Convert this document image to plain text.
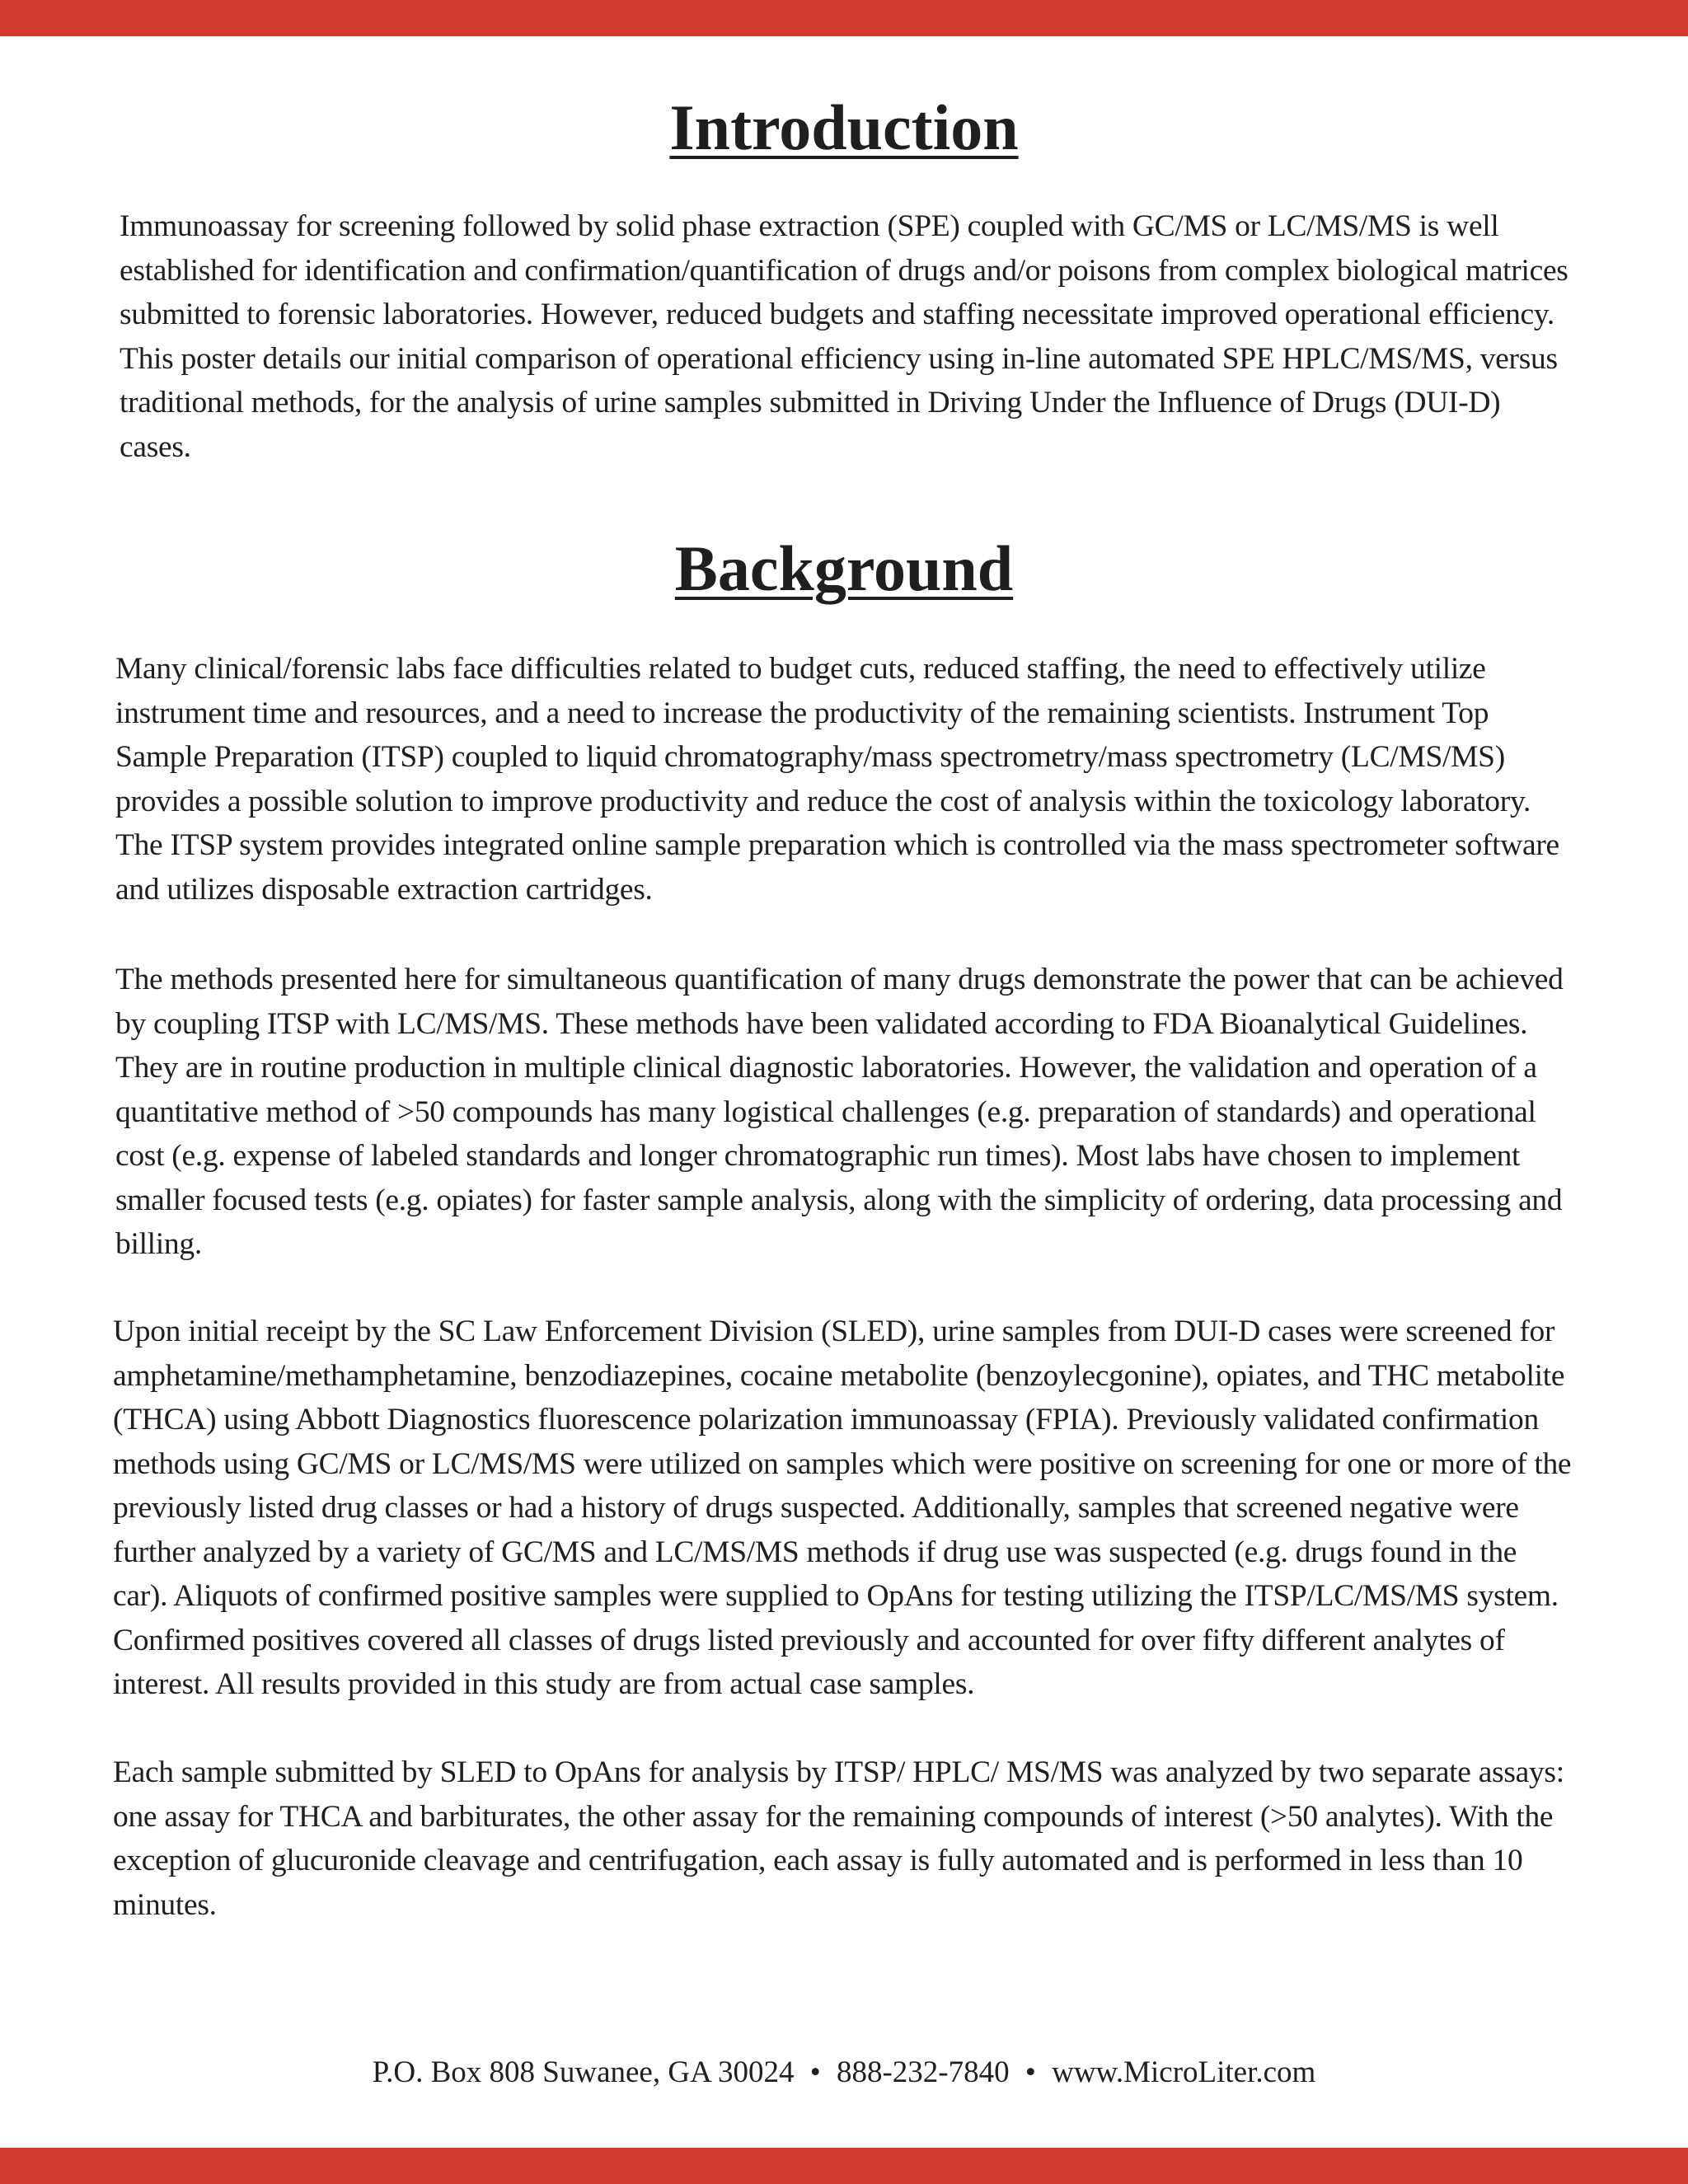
Introduction

Immunoassay for screening followed by solid phase extraction (SPE) coupled with GC/MS or LC/MS/MS is well established for identification and confirmation/quantification of drugs and/or poisons from complex biological matrices submitted to forensic laboratories. However, reduced budgets and staffing necessitate improved operational efficiency. This poster details our initial comparison of operational efficiency using in-line automated SPE HPLC/MS/MS, versus traditional methods, for the analysis of urine samples submitted in Driving Under the Influence of Drugs (DUI-D) cases.

Background

Many clinical/forensic labs face difficulties related to budget cuts, reduced staffing, the need to effectively utilize instrument time and resources, and a need to increase the productivity of the remaining scientists. Instrument Top Sample Preparation (ITSP) coupled to liquid chromatography/mass spectrometry/mass spectrometry (LC/MS/MS) provides a possible solution to improve productivity and reduce the cost of analysis within the toxicology laboratory. The ITSP system provides integrated online sample preparation which is controlled via the mass spectrometer software and utilizes disposable extraction cartridges.

The methods presented here for simultaneous quantification of many drugs demonstrate the power that can be achieved by coupling ITSP with LC/MS/MS. These methods have been validated according to FDA Bioanalytical Guidelines. They are in routine production in multiple clinical diagnostic laboratories. However, the validation and operation of a quantitative method of >50 compounds has many logistical challenges (e.g. preparation of standards) and operational cost (e.g. expense of labeled standards and longer chromatographic run times). Most labs have chosen to implement smaller focused tests (e.g. opiates) for faster sample analysis, along with the simplicity of ordering, data processing and billing.

Upon initial receipt by the SC Law Enforcement Division (SLED), urine samples from DUI-D cases were screened for amphetamine/methamphetamine, benzodiazepines, cocaine metabolite (benzoylecgonine), opiates, and THC metabolite (THCA) using Abbott Diagnostics fluorescence polarization immunoassay (FPIA). Previously validated confirmation methods using GC/MS or LC/MS/MS were utilized on samples which were positive on screening for one or more of the previously listed drug classes or had a history of drugs suspected. Additionally, samples that screened negative were further analyzed by a variety of GC/MS and LC/MS/MS methods if drug use was suspected (e.g. drugs found in the car). Aliquots of confirmed positive samples were supplied to OpAns for testing utilizing the ITSP/LC/MS/MS system. Confirmed positives covered all classes of drugs listed previously and accounted for over fifty different analytes of interest. All results provided in this study are from actual case samples.

Each sample submitted by SLED to OpAns for analysis by ITSP/ HPLC/ MS/MS was analyzed by two separate assays: one assay for THCA and barbiturates, the other assay for the remaining compounds of interest (>50 analytes). With the exception of glucuronide cleavage and centrifugation, each assay is fully automated and is performed in less than 10 minutes.

P.O. Box 808 Suwanee, GA 30024 • 888-232-7840 • www.MicroLiter.com
